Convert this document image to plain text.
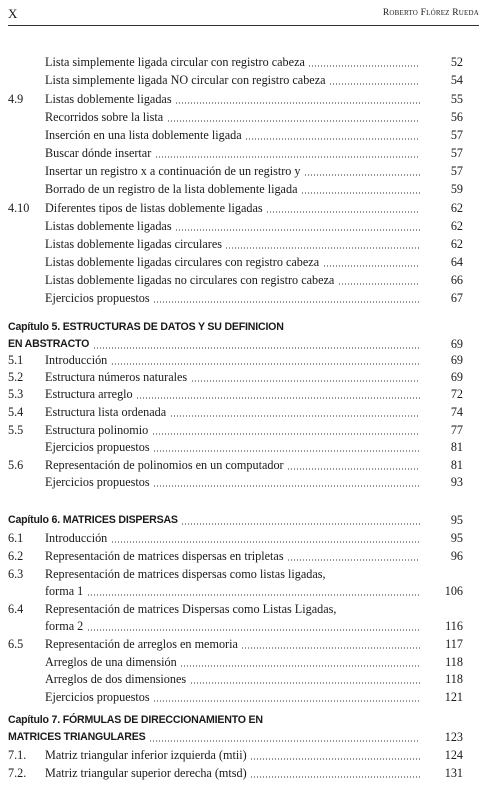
X	Roberto Flórez Rueda
Lista simplemente ligada circular con registro cabeza	52
Lista simplemente ligada NO circular con registro cabeza	54
4.9 Listas doblemente ligadas	55
Recorridos sobre la lista	56
Inserción en una lista doblemente ligada	57
Buscar dónde insertar	57
Insertar un registro x a continuación de un registro y	57
Borrado de un registro de la lista doblemente ligada	59
4.10 Diferentes tipos de listas doblemente ligadas	62
Listas doblemente ligadas	62
Listas doblemente ligadas circulares	62
Listas doblemente ligadas circulares con registro cabeza	64
Listas doblemente ligadas no circulares con registro cabeza	66
Ejercicios propuestos	67
Capítulo 5. ESTRUCTURAS DE DATOS Y SU DEFINICION
EN ABSTRACTO	69
5.1 Introducción	69
5.2 Estructura números naturales	69
5.3 Estructura arreglo	72
5.4 Estructura lista ordenada	74
5.5 Estructura polinomio	77
Ejercicios propuestos	81
5.6 Representación de polinomios en un computador	81
Ejercicios propuestos	93
Capítulo 6. MATRICES DISPERSAS	95
6.1 Introducción	95
6.2 Representación de matrices dispersas en tripletas	96
6.3 Representación de matrices dispersas como listas ligadas,
forma 1	106
6.4 Representación de matrices Dispersas como Listas Ligadas,
forma 2	116
6.5 Representación de arreglos en memoria	117
Arreglos de una dimensión	118
Arreglos de dos dimensiones	118
Ejercicios propuestos	121
Capítulo 7. FÓRMULAS DE DIRECCIONAMIENTO EN
MATRICES TRIANGULARES	123
7.1. Matriz triangular inferior izquierda (mtii)	124
7.2. Matriz triangular superior derecha (mtsd)	131
